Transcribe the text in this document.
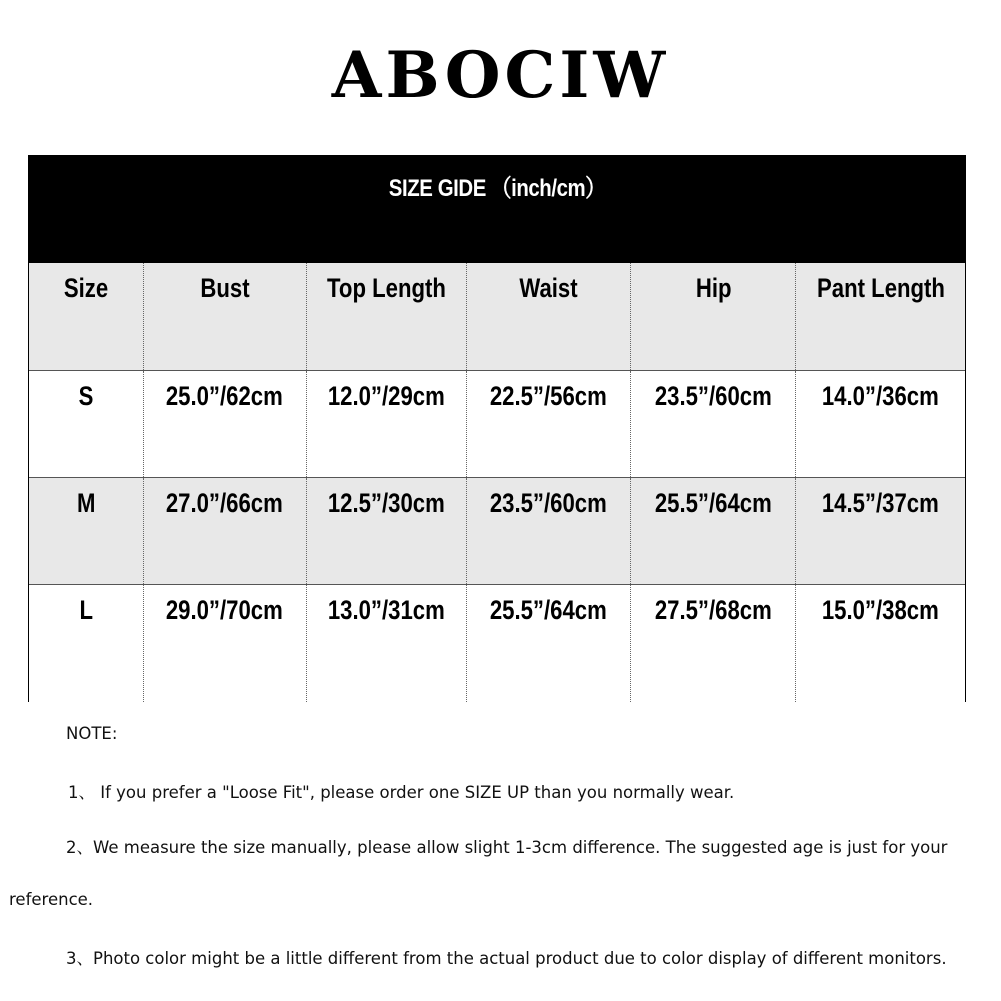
ABOCIW
SIZE GIDE （inch/cm）
Size	Bust	Top Length	Waist	Hip	Pant Length
S	25.0”/62cm	12.0”/29cm	22.5”/56cm	23.5”/60cm	14.0”/36cm
M	27.0”/66cm	12.5”/30cm	23.5”/60cm	25.5”/64cm	14.5”/37cm
L	29.0”/70cm	13.0”/31cm	25.5”/64cm	27.5”/68cm	15.0”/38cm
NOTE:
1、 If you prefer a "Loose Fit", please order one SIZE UP than you normally wear.
2、We measure the size manually, please allow slight 1-3cm difference. The suggested age is just for your
reference.
3、Photo color might be a little different from the actual product due to color display of different monitors.
